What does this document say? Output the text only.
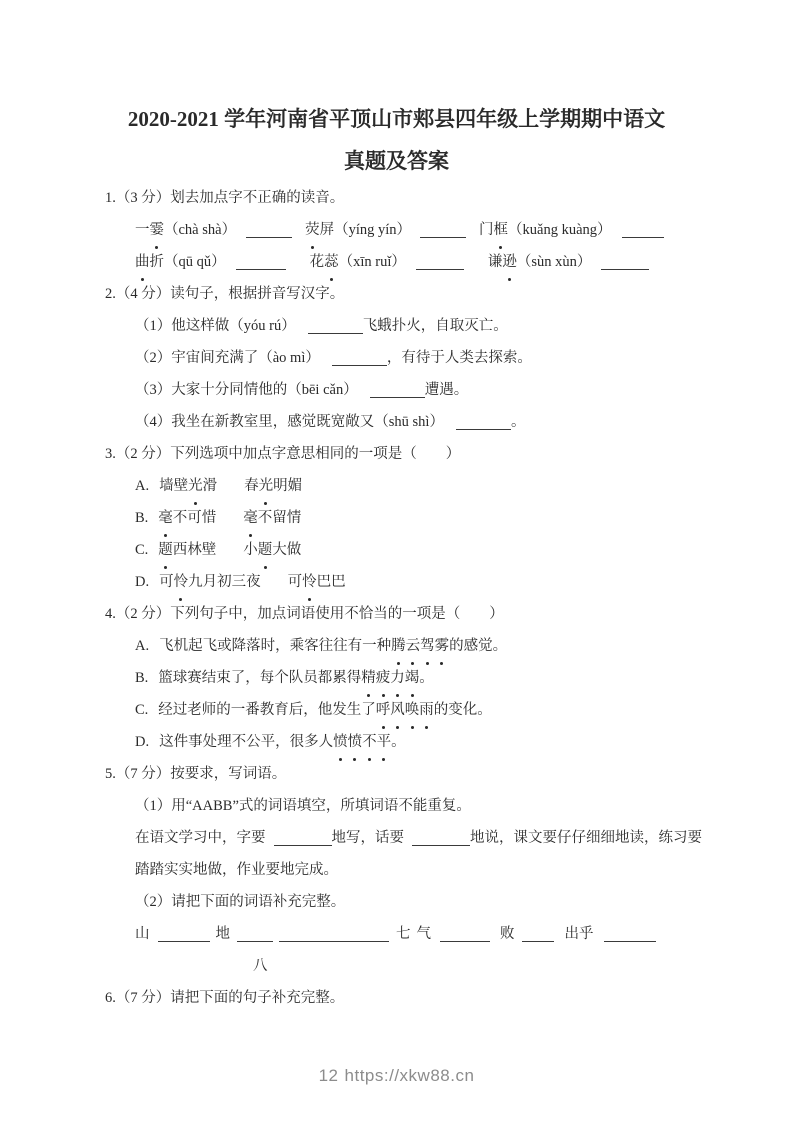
2020-2021 学年河南省平顶山市郏县四年级上学期期中语文
真题及答案
1.（3 分）划去加点字不正确的读音。
一霎（chà shà）	荧屏（yíng yín）	门框（kuǎng kuàng）
曲折（qū qǔ）	花蕊（xīn ruǐ）	谦逊（sùn xùn）
2.（4 分）读句子，根据拼音写汉字。
（1）他这样做（yóu rú）	飞蛾扑火，自取灭亡。
（2）宇宙间充满了（ào mì）	，有待于人类去探索。
（3）大家十分同情他的（bēi cǎn）	遭遇。
（4）我坐在新教室里，感觉既宽敞又（shū shì）	。
3.（2 分）下列选项中加点字意思相同的一项是（　　）
A. 墙壁光滑 春光明媚
B. 毫不可惜 毫不留情
C. 题西林壁 小题大做
D. 可怜九月初三夜 可怜巴巴
4.（2 分）下列句子中，加点词语使用不恰当的一项是（　　）
A. 飞机起飞或降落时，乘客往往有一种腾云驾雾的感觉。
B. 篮球赛结束了，每个队员都累得精疲力竭。
C. 经过老师的一番教育后，他发生了呼风唤雨的变化。
D. 这件事处理不公平，很多人愤愤不平。
5.（7 分）按要求，写词语。
（1）用“AABB”式的词语填空，所填词语不能重复。
在语文学习中，字要	地写，话要	地说，课文要仔仔细细地读，练习要
踏踏实实地做，作业要地完成。
（2）请把下面的词语补充完整。
山	地	七 气	败	出乎
八
6.（7 分）请把下面的句子补充完整。
12 https://xkw88.cn
